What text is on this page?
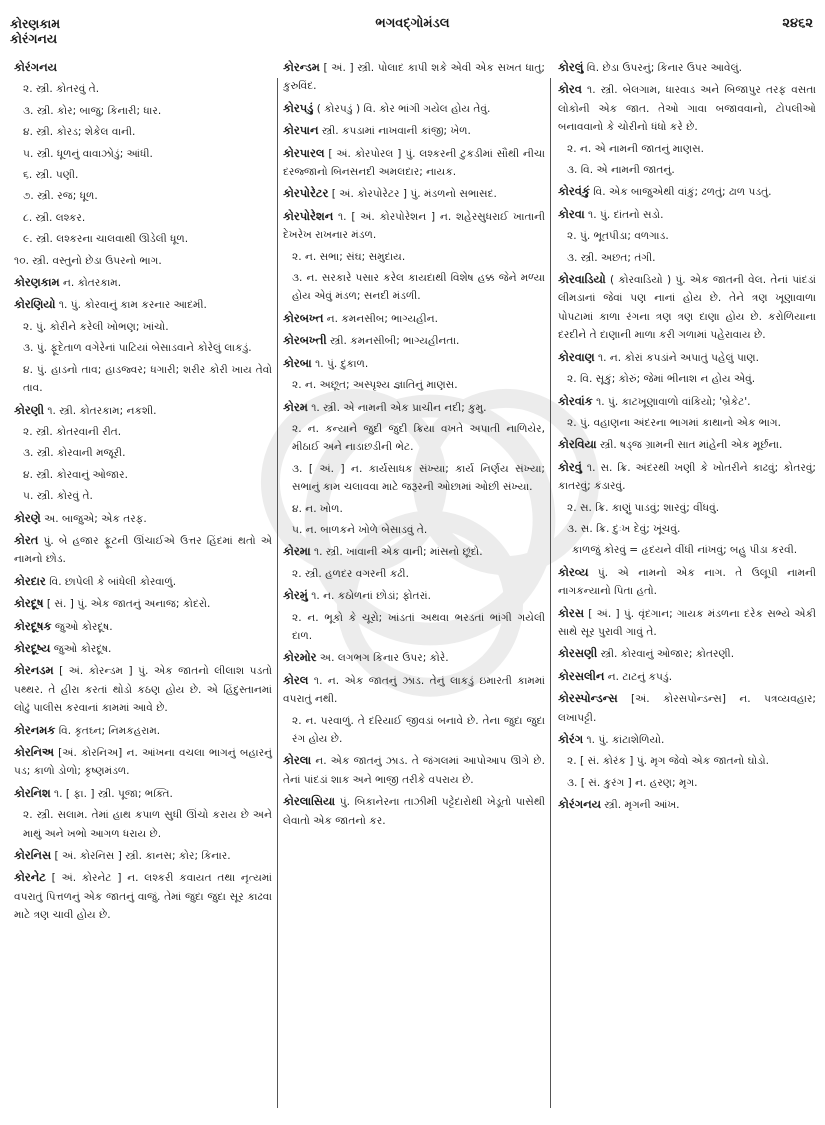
કોરણકામ
કોરંગનય
ભગવદ્ગોમંડલ	૨૪૬૨
કોરંગનય
૨. સ્ત્રી. કોતરવું તે.
૩. સ્ત્રી. કોર; બાજુ; કિનારી; ધાર.
૪. સ્ત્રી. કોરડ; શેકેલ વાની.
૫. સ્ત્રી. ધૂળનું વાવાઝોડું; આંધી.
૬. સ્ત્રી. પણી.
૭. સ્ત્રી. રજ; ધૂળ.
૮. સ્ત્રી. લશ્કર.
૯. સ્ત્રી. લશ્કરના ચાલવાથી ઊડેલી ધૂળ.
૧૦. સ્ત્રી. વસ્તુનો છેડા ઉપરનો ભાગ.
કોરણકામ ન. કોતરકામ.
કોરણિયો ૧. પું. કોરવાનું કામ કરનાર આદમી.
૨. પું. કોરીને કરેલી ખોભણ; ખાંચો.
૩. પું. ફૂદેતાળ વગેરેનાં પાટિયાં બેસાડવાને કોરેલું લાકડું.
૪. પું. હાડનો તાવ; હાડજ્વર; ધગારી; શરીર કોરી ખાય તેવો તાવ.
કોરણી ૧. સ્ત્રી. કોતરકામ; નકશી.
૨. સ્ત્રી. કોતરવાની રીત.
૩. સ્ત્રી. કોરવાની મજૂરી.
૪. સ્ત્રી. કોરવાનું ઓજાર.
૫. સ્ત્રી. કોરવું તે.
કોરણે અ. બાજુએ; એક તરફ.
કોરત પું. બે હજાર ફૂટની ઊંચાઈએ ઉત્તર હિંદમાં થતો એ નામનો છોડ.
કોરદાર વિ. છાપેલી કે બાંધેલી કોરવાળું.
કોરદૂષ [ સં. ] પું. એક જાતનું અનાજ; કોદરો.
કોરદૂષક જુઓ કોરદૂષ.
કોરદૂષ્ય જુઓ કોરદૂષ.
કોરનડમ [ અં. કોરન્ડમ ] પું. એક જાતનો લીલાશ પડતો પથ્થર. તે હીરા કરતાં થોડો કઠણ હોય છે. એ હિંદુસ્તાનમાં લોઢું પાલીસ કરવાનાં કામમાં આવે છે.
કોરનમક વિ. કૃતઘ્ન; નિમકહરામ.
કોરનિઅ [અં. કોરનિઅ] ન. આંખના વચલા ભાગનું બહારનું પડ; કાળો ડોળો; કૃષ્ણમંડળ.
કોરનિશ ૧. [ ફા. ] સ્ત્રી. પૂજા; ભક્તિ.
૨. સ્ત્રી. સલામ. તેમાં હાથ કપાળ સુધી ઊંચો કરાય છે અને માથું અને ખભો આગળ ધરાય છે.
કોરનિસ [ અં. કોરનિસ ] સ્ત્રી. કાનસ; કોર; કિનાર.
કોરનેટ [ અં. કોરનેટ ] ન. લશ્કરી કવાયત તથા નૃત્યમાં વપરાતું પિત્તળનું એક જાતનું વાજું. તેમાં જુદા જુદા સૂર કાઢવા માટે ત્રણ ચાવી હોય છે.
કોરન્ડમ [ અં. ] સ્ત્રી. પોલાદ કાપી શકે એવી એક સખત ધાતુ; કુરુવિંદ.
કોરપડું ( કોરપડું ) વિ. કોર ભાંગી ગયેલ હોય તેવું.
કોરપાન સ્ત્રી. કપડામાં નાખવાની કાંજી; ખેળ.
કોરપારલ [ અં. કોરપોરલ ] પું. લશ્કરની ટુકડીમાં સૌથી નીચા દરજ્જાનો બિનસનદી અમલદાર; નાયક.
કોરપોરેટર [ અં. કોરપોરેટર ] પું. મંડળનો સભાસદ.
કોરપોરેશન ૧. [ અં. કોરપોરેશન ] ન. શહેરસુધરાઈ ખાતાની દેખરેખ રાખનાર મંડળ.
૨. ન. સભા; સંઘ; સમુદાય.
૩. ન. સરકારે પસાર કરેલ કાયદાથી વિશેષ હક્ક જેને મળ્યા હોય એવું મંડળ; સનદી મંડળી.
કોરબખ્ત ન. કમનસીબ; ભાગ્યહીન.
કોરબખ્તી સ્ત્રી. કમનસીબી; ભાગ્યહીનતા.
કોરબા ૧. પું. દુકાળ.
૨. ન. અછૂત; અસ્પૃશ્ય જ્ઞાતિનું માણસ.
કોરમ ૧. સ્ત્રી. એ નામની એક પ્રાચીન નદી; કુમુ.
૨. ન. કન્યાને જુદી જુદી ક્રિયા વખતે અપાતી નાળિયેર, મીઠાઈ અને નાડાછડીની ભેટ.
૩. [ અં. ] ન. કાર્યસાધક સંખ્યા; કાર્ય નિર્ણય સંખ્યા; સભાનું કામ ચલાવવા માટે જરૂરની ઓછામાં ઓછી સંખ્યા.
૪. ન. ખોળ.
૫. ન. બાળકને ખોળે બેસાડવું તે.
કોરમા ૧. સ્ત્રી. ખાવાની એક વાની; માંસનો છૂંદો.
૨. સ્ત્રી. હળદર વગરની કઢી.
કોરમું ૧. ન. કઠોળનાં છોડાં; ફોતરાં.
૨. ન. ભૂકો કે ચૂરો; ખાંડતાં અથવા ભરડતાં ભાંગી ગયેલી દાળ.
કોરમોર અ. લગભગ કિનાર ઉપર; કોરે.
કોરલ ૧. ન. એક જાતનું ઝાડ. તેનું લાકડું ઇમારતી કામમાં વપરાતું નથી.
૨. ન. પરવાળું. તે દરિયાઈ જીવડાં બનાવે છે. તેના જુદા જુદા રંગ હોય છે.
કોરલા ન. એક જાતનું ઝાડ. તે જંગલમાં આપોઆપ ઊગે છે. તેનાં પાંદડાં શાક અને ભાજી તરીકે વપરાય છે.
કોરલાસિયા પું. બિકાનેરના તાઝીમી પટ્ટેદારોથી ખેડૂતો પાસેથી લેવાતો એક જાતનો કર.
કોરલું વિ. છેડા ઉપરનું; કિનાર ઉપર આવેલું.
કોરવ ૧. સ્ત્રી. બેલગામ, ધારવાડ અને બિજાપુર તરફ વસતા લોકોની એક જાત. તેઓ ગાવા બજાવવાનો, ટોપલીઓ બનાવવાનો કે ચોરીનો ધંધો કરે છે.
૨. ન. એ નામની જાતનું માણસ.
૩. વિ. એ નામની જાતનું.
કોરવંકું વિ. એક બાજુએથી વાંકું; ઢળતું; ઢાળ પડતું.
કોરવા ૧. પું. દાંતનો સડો.
૨. પું. ભૂતપીડા; વળગાડ.
૩. સ્ત્રી. અછત; તંગી.
કોરવાડિયો ( કોરવાડિયો ) પું. એક જાતની વેલ. તેનાં પાંદડાં લીમડાનાં જેવાં પણ નાનાં હોય છે. તેને ત્રણ ખૂણાવાળા પોપટામાં કાળા રંગના ત્રણ ત્રણ દાણા હોય છે. કરોળિયાના દરદીને તે દાણાની માળા કરી ગળામાં પહેરાવાય છે.
કોરવાણ ૧. ન. કોરાં કપડાંને અપાતું પહેલું પાણ.
૨. વિ. સૂકું; કોરું; જેમાં ભીનાશ ન હોય એવું.
કોરવાંક ૧. પું. કાટખૂણાવાળો વાંકિયો; 'બ્રેકેટ'.
૨. પું. વહાણના અંદરના ભાગમાં કાથાનો એક ભાગ.
કોરવિયા સ્ત્રી. ષડ્જ ગ્રામની સાત માંહેની એક મૂર્છના.
કોરવું ૧. સ. ક્રિ. અંદરથી ખણી કે ખોતરીને કાઢવું; કોતરવું; કાતરવું; કંડારવું.
૨. સ. ક્રિ. કાણું પાડવું; શારવું; વીંધવું.
૩. સ. ક્રિ. દુઃખ દેવું; ખૂંચવું.
કાળજું કોરવું = હૃદયને વીંધી નાંખવું; બહુ પીડા કરવી.
કોરવ્ય પું. એ નામનો એક નાગ. તે ઉલૂપી નામની નાગકન્યાનો પિતા હતો.
કોરસ [ અં. ] પું. વૃંદગાન; ગાયક મંડળના દરેક સભ્યે એકી સાથે સૂર પુરાવી ગાવું તે.
કોરસણી સ્ત્રી. કોરવાનું ઓજાર; કોતરણી.
કોરસલીન ન. ટાટનું કપડું.
કોરસ્પોન્ડન્સ [અં. કોરસપોન્ડન્સ] ન. પત્રવ્યવહાર; લખાપટ્ટી.
કોરંગ ૧. પું. કાંટાશેળિયો.
૨. [ સં. કોરંક ] પું. મૃગ જેવો એક જાતનો ઘોડો.
૩. [ સં. કુરંગ ] ન. હરણ; મૃગ.
કોરંગનય સ્ત્રી. મૃગની આંખ.
